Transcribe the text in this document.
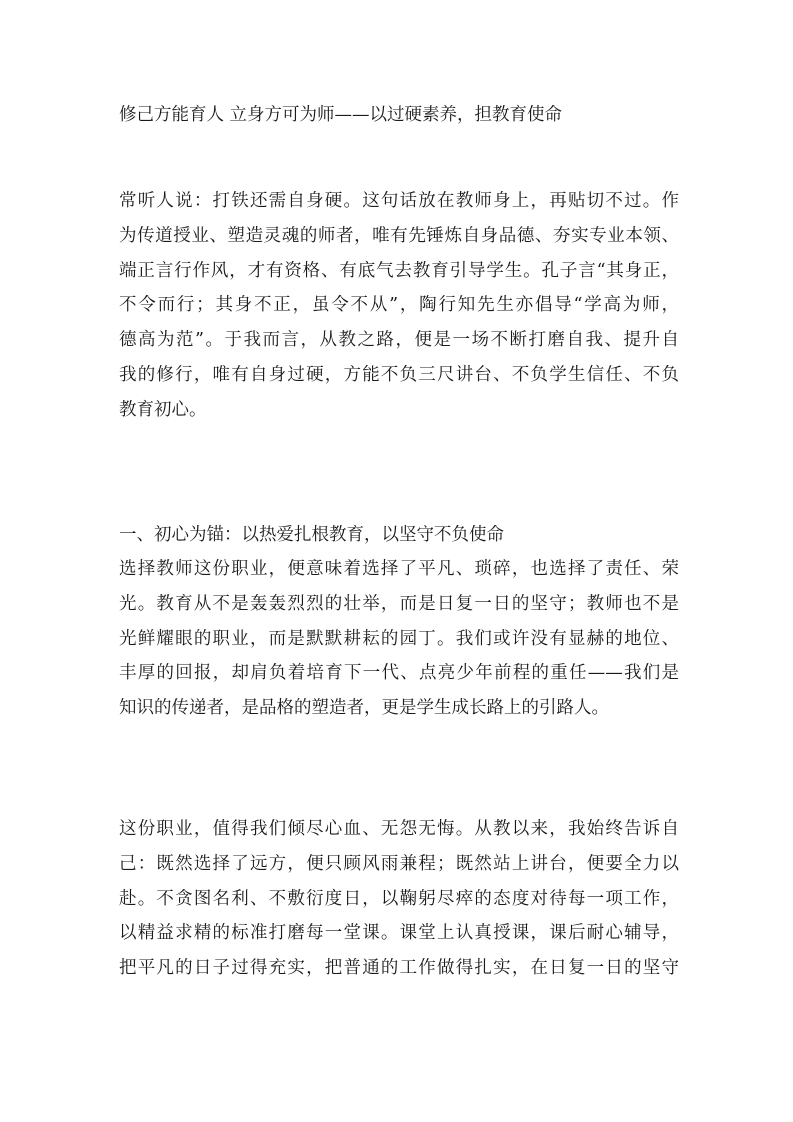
修己方能育人 立身方可为师——以过硬素养，担教育使命
常听人说：打铁还需自身硬。这句话放在教师身上，再贴切不过。作
为传道授业、塑造灵魂的师者，唯有先锤炼自身品德、夯实专业本领、
端正言行作风，才有资格、有底气去教育引导学生。孔子言“其身正，
不令而行；其身不正，虽令不从”，陶行知先生亦倡导“学高为师，
德高为范”。于我而言，从教之路，便是一场不断打磨自我、提升自
我的修行，唯有自身过硬，方能不负三尺讲台、不负学生信任、不负
教育初心。
一、初心为锚：以热爱扎根教育，以坚守不负使命
选择教师这份职业，便意味着选择了平凡、琐碎，也选择了责任、荣
光。教育从不是轰轰烈烈的壮举，而是日复一日的坚守；教师也不是
光鲜耀眼的职业，而是默默耕耘的园丁。我们或许没有显赫的地位、
丰厚的回报，却肩负着培育下一代、点亮少年前程的重任——我们是
知识的传递者，是品格的塑造者，更是学生成长路上的引路人。
这份职业，值得我们倾尽心血、无怨无悔。从教以来，我始终告诉自
己：既然选择了远方，便只顾风雨兼程；既然站上讲台，便要全力以
赴。不贪图名利、不敷衍度日，以鞠躬尽瘁的态度对待每一项工作，
以精益求精的标准打磨每一堂课。课堂上认真授课，课后耐心辅导，
把平凡的日子过得充实，把普通的工作做得扎实，在日复一日的坚守
